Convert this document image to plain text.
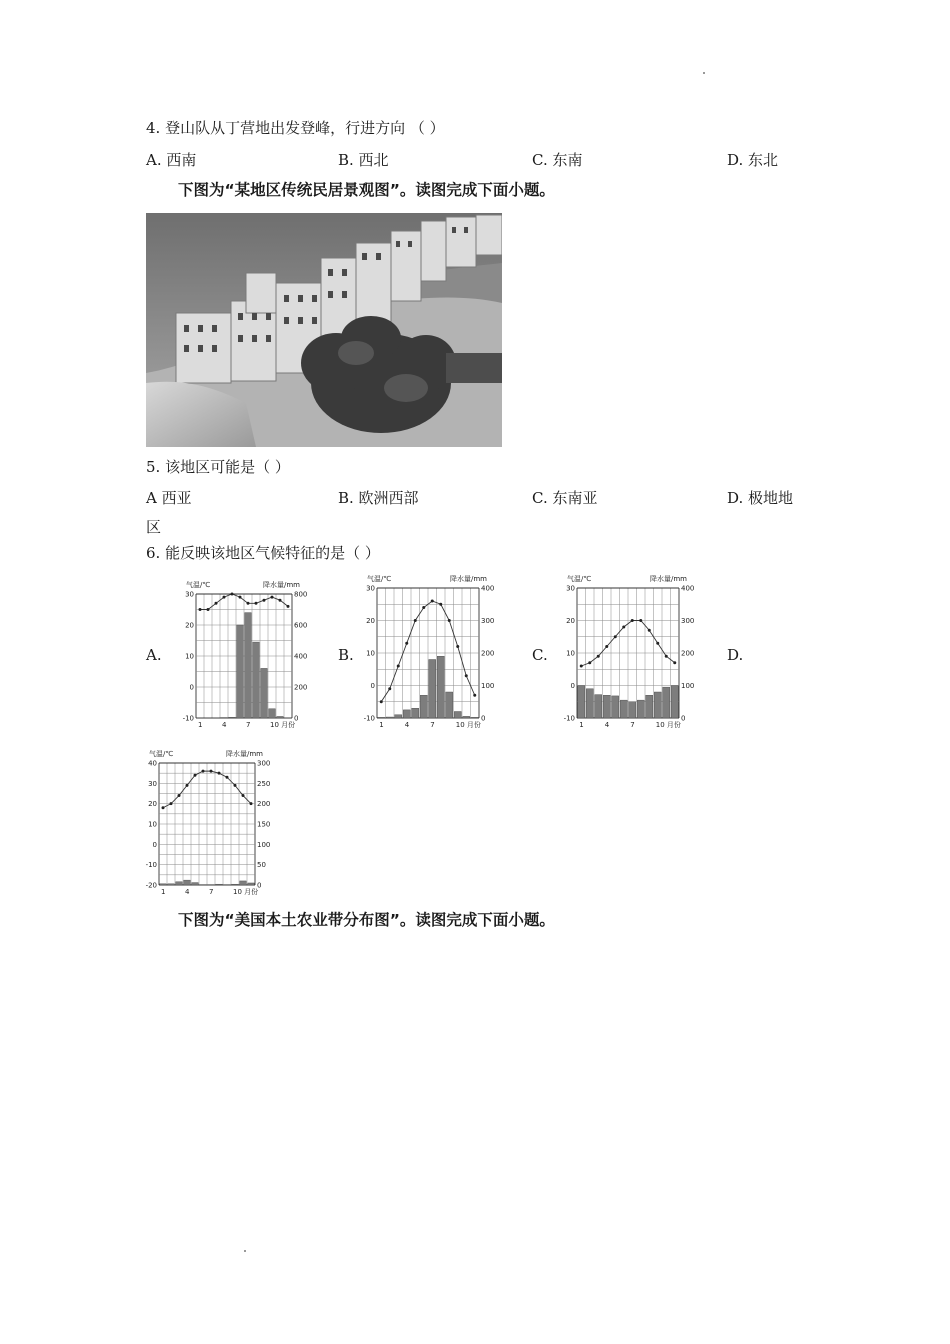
4. 登山队从丁营地出发登峰，行进方向 （ ）
A. 西南	B. 西北	C. 东南	D. 东北
下图为“某地区传统民居景观图”。读图完成下面小题。
5. 该地区可能是（ ）
A 西亚	B. 欧洲西部	C. 东南亚	D. 极地地
区
6. 能反映该地区气候特征的是（ ）
A.	B.	C.	D.
气温/℃	降水量/mm
30
20
10
0
-10
800
600
400
200
0
1	4	7	10 月份
气温/℃	降水量/mm
30
20
10
0
-10
400
300
200
100
0
1	4	7	10 月份
气温/℃	降水量/mm
30
20
10
0
-10
400
300
200
100
0
1	4	7	10 月份
气温/℃	降水量/mm
40
30
20
10
0
-10
-20
300
250
200
150
100
50
0
1	4	7	10 月份
下图为“美国本土农业带分布图”。读图完成下面小题。
